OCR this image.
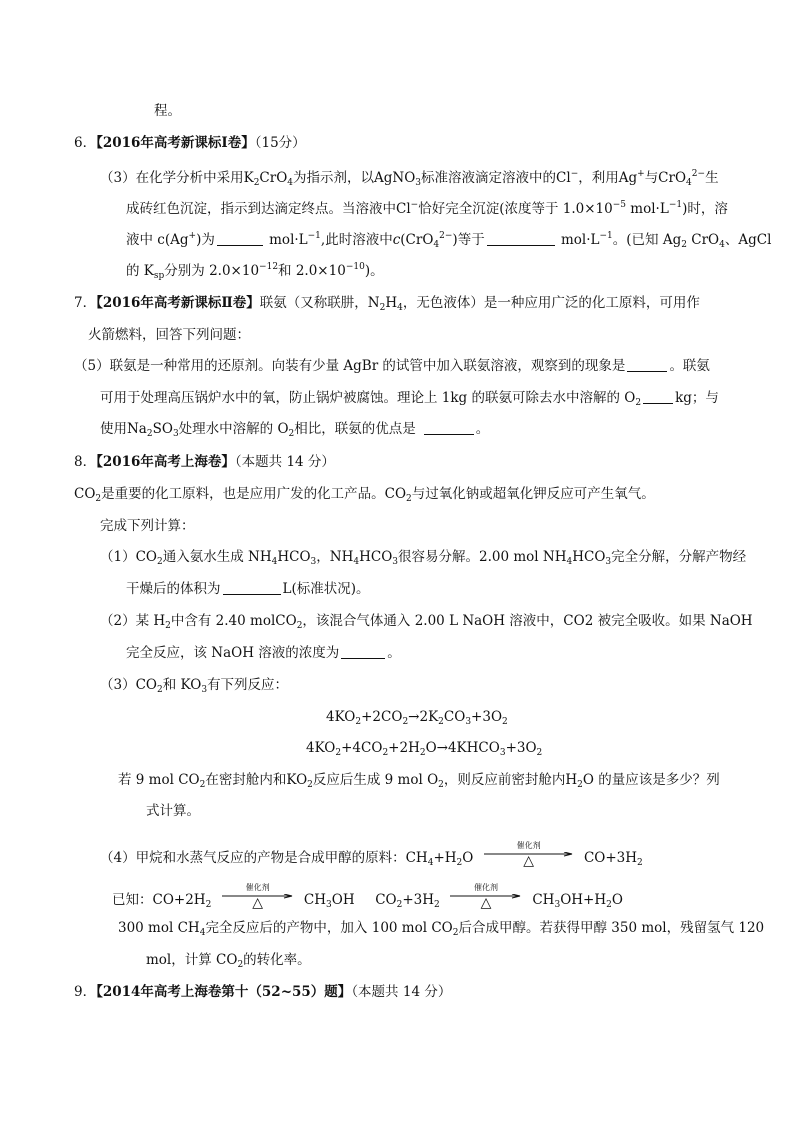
程。
6．【2016年高考新课标Ⅰ卷】（15分）
（3）在化学分析中采用$K_2CrO_4$为指示剂，以AgNO$_3$标准溶液滴定溶液中的Cl−，利用Ag+与CrO$_4^{2-}$生
成砖红色沉淀，指示到达滴定终点。当溶液中Cl−恰好完全沉淀(浓度等于 $1.0\times 10^{-5}$ $mol\cdot L^{-1}$)时，溶
液中 c(Ag+)为	$mol\cdot L^{-1}$,此时溶液中c(CrO$_4^{2-}$)等于	$mol\cdot L^{-1}$。(已知 $Ag_2$ CrO$_4$、AgCl
的 $K_{sp}$分别为 $2.0\times 10^{-12}$和 $2.0\times 10^{-10}$)。
7．【2016年高考新课标Ⅱ卷】联氨（又称联肼，$N_2H_4$，无色液体）是一种应用广泛的化工原料，可用作
火箭燃料，回答下列问题：
（5）联氨是一种常用的还原剂。向装有少量 AgBr 的试管中加入联氨溶液，观察到的现象是	。联氨
可用于处理高压锅炉水中的氧，防止锅炉被腐蚀。理论上 1kg 的联氨可除去水中溶解的 $O_2$	kg；与
使用$Na_2SO_3$处理水中溶解的 $O_2$相比，联氨的优点是	。
8．【2016年高考上海卷】（本题共 14 分）
$CO_2$是重要的化工原料，也是应用广发的化工产品。$CO_2$与过氧化钠或超氧化钾反应可产生氧气。
完成下列计算：
$(1)CO_2$通入氨水生成 $NH_4HCO_3$，$NH_4HCO_3$很容易分解。2.00 mol $NH_4HCO_3$完全分解，分解产物经
干燥后的体积为	L(标准状况)。
（2）某 $H_2$中含有 2.40 molCO$_2$，该混合气体通入 2.00 L NaOH 溶液中，CO2 被完全吸收。如果 NaOH
完全反应，该 NaOH 溶液的浓度为	。
$(3)CO_2$和 $KO_3$有下列反应：
$4KO_2+2CO_2\to 2K_2CO_3+3O_2$
$4KO_2+4CO_2+2H_2O\to 4KHCO_3+3O_2$
若 9 mol $CO_2$在密封舱内和$KO_2$反应后生成 9 mol $O_2$，则反应前密封舱内$H_2O$ 的量应该是多少？列
式计算。
（4）甲烷和水蒸气反应的产物是合成甲醇的原料：$CH_4+H_2O$
催化剂
△	$CO+3H_2$
已知：$CO+2H_2$
催化剂
△	$CH_3OH$ $CO_2+3H_2$
催化剂
△	$CH_3OH+H_2O$
300 mol $CH_4$完全反应后的产物中，加入 100 mol $CO_2$后合成甲醇。若获得甲醇 350 mol，残留氢气 120
mol，计算 $CO_2$的转化率。
9．【2014年高考上海卷第十（52~55）题】（本题共 14 分）
